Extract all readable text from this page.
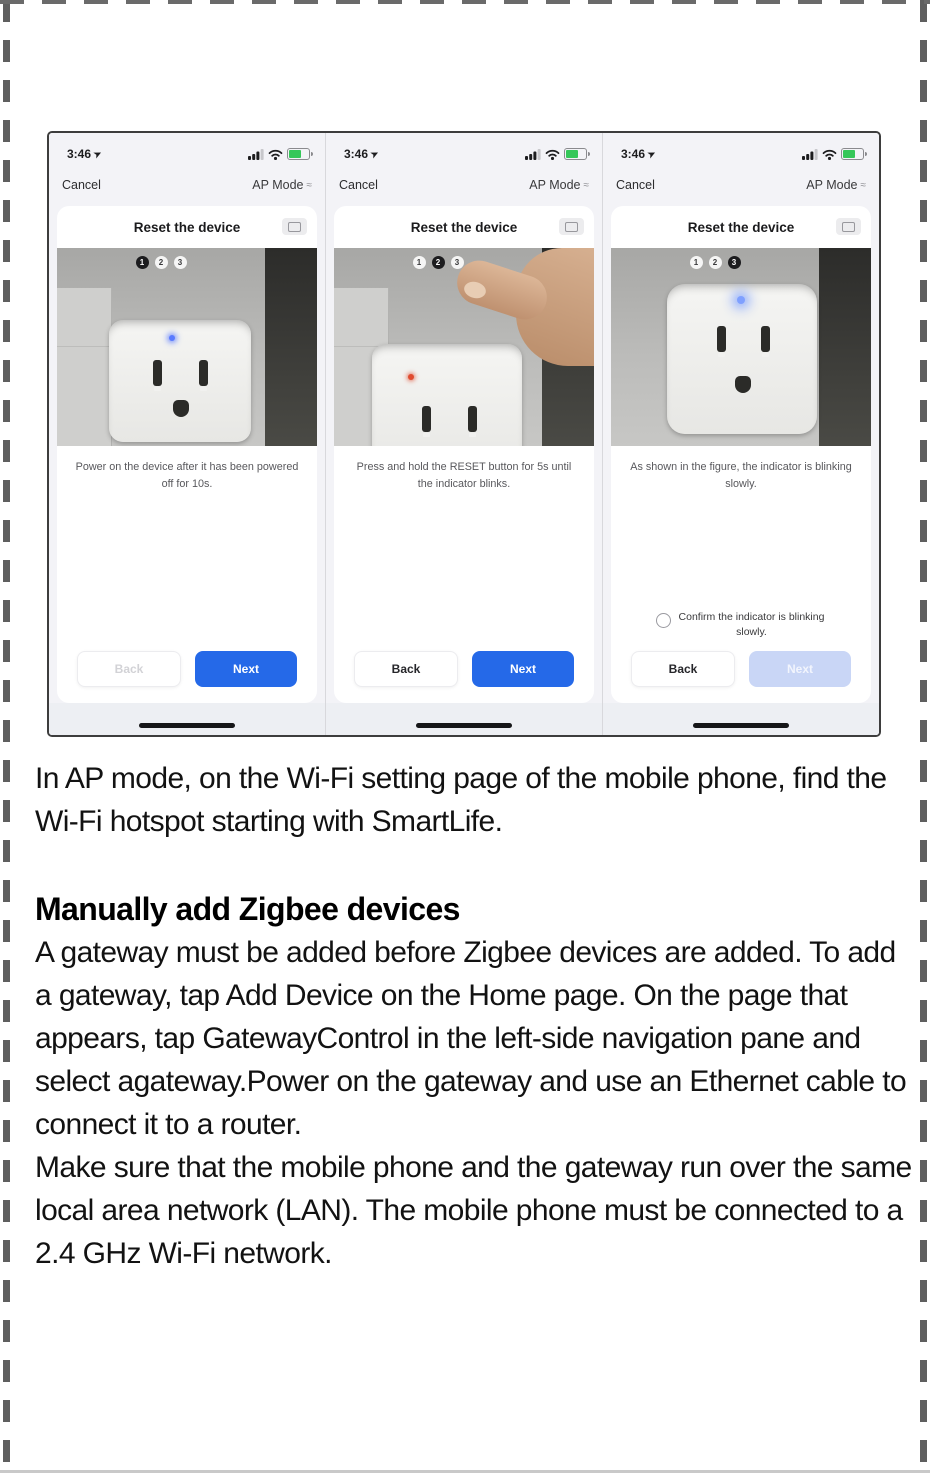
3:46 ➤
Cancel	AP Mode ≈
Reset the device
1	2	3
Power on the device after it has been powered off for 10s.
Back	Next
3:46 ➤
Cancel	AP Mode ≈
Reset the device
1	2	3
Press and hold the RESET button for 5s until the indicator blinks.
Back	Next
3:46 ➤
Cancel	AP Mode ≈
Reset the device
1	2	3
As shown in the figure, the indicator is blinking slowly.
Confirm the indicator is blinking slowly.
Back	Next

In AP mode, on the Wi-Fi setting page of the mobile phone, find the Wi-Fi hotspot starting with SmartLife.

Manually add Zigbee devices

A gateway must be added before Zigbee devices are added. To add a gateway, tap Add Device on the Home page. On the page that appears, tap GatewayControl in the left-side navigation pane and select agateway.Power on the gateway and use an Ethernet cable to connect it to a router.

Make sure that the mobile phone and the gateway run over the same local area network (LAN). The mobile phone must be connected to a 2.4 GHz Wi-Fi network.
